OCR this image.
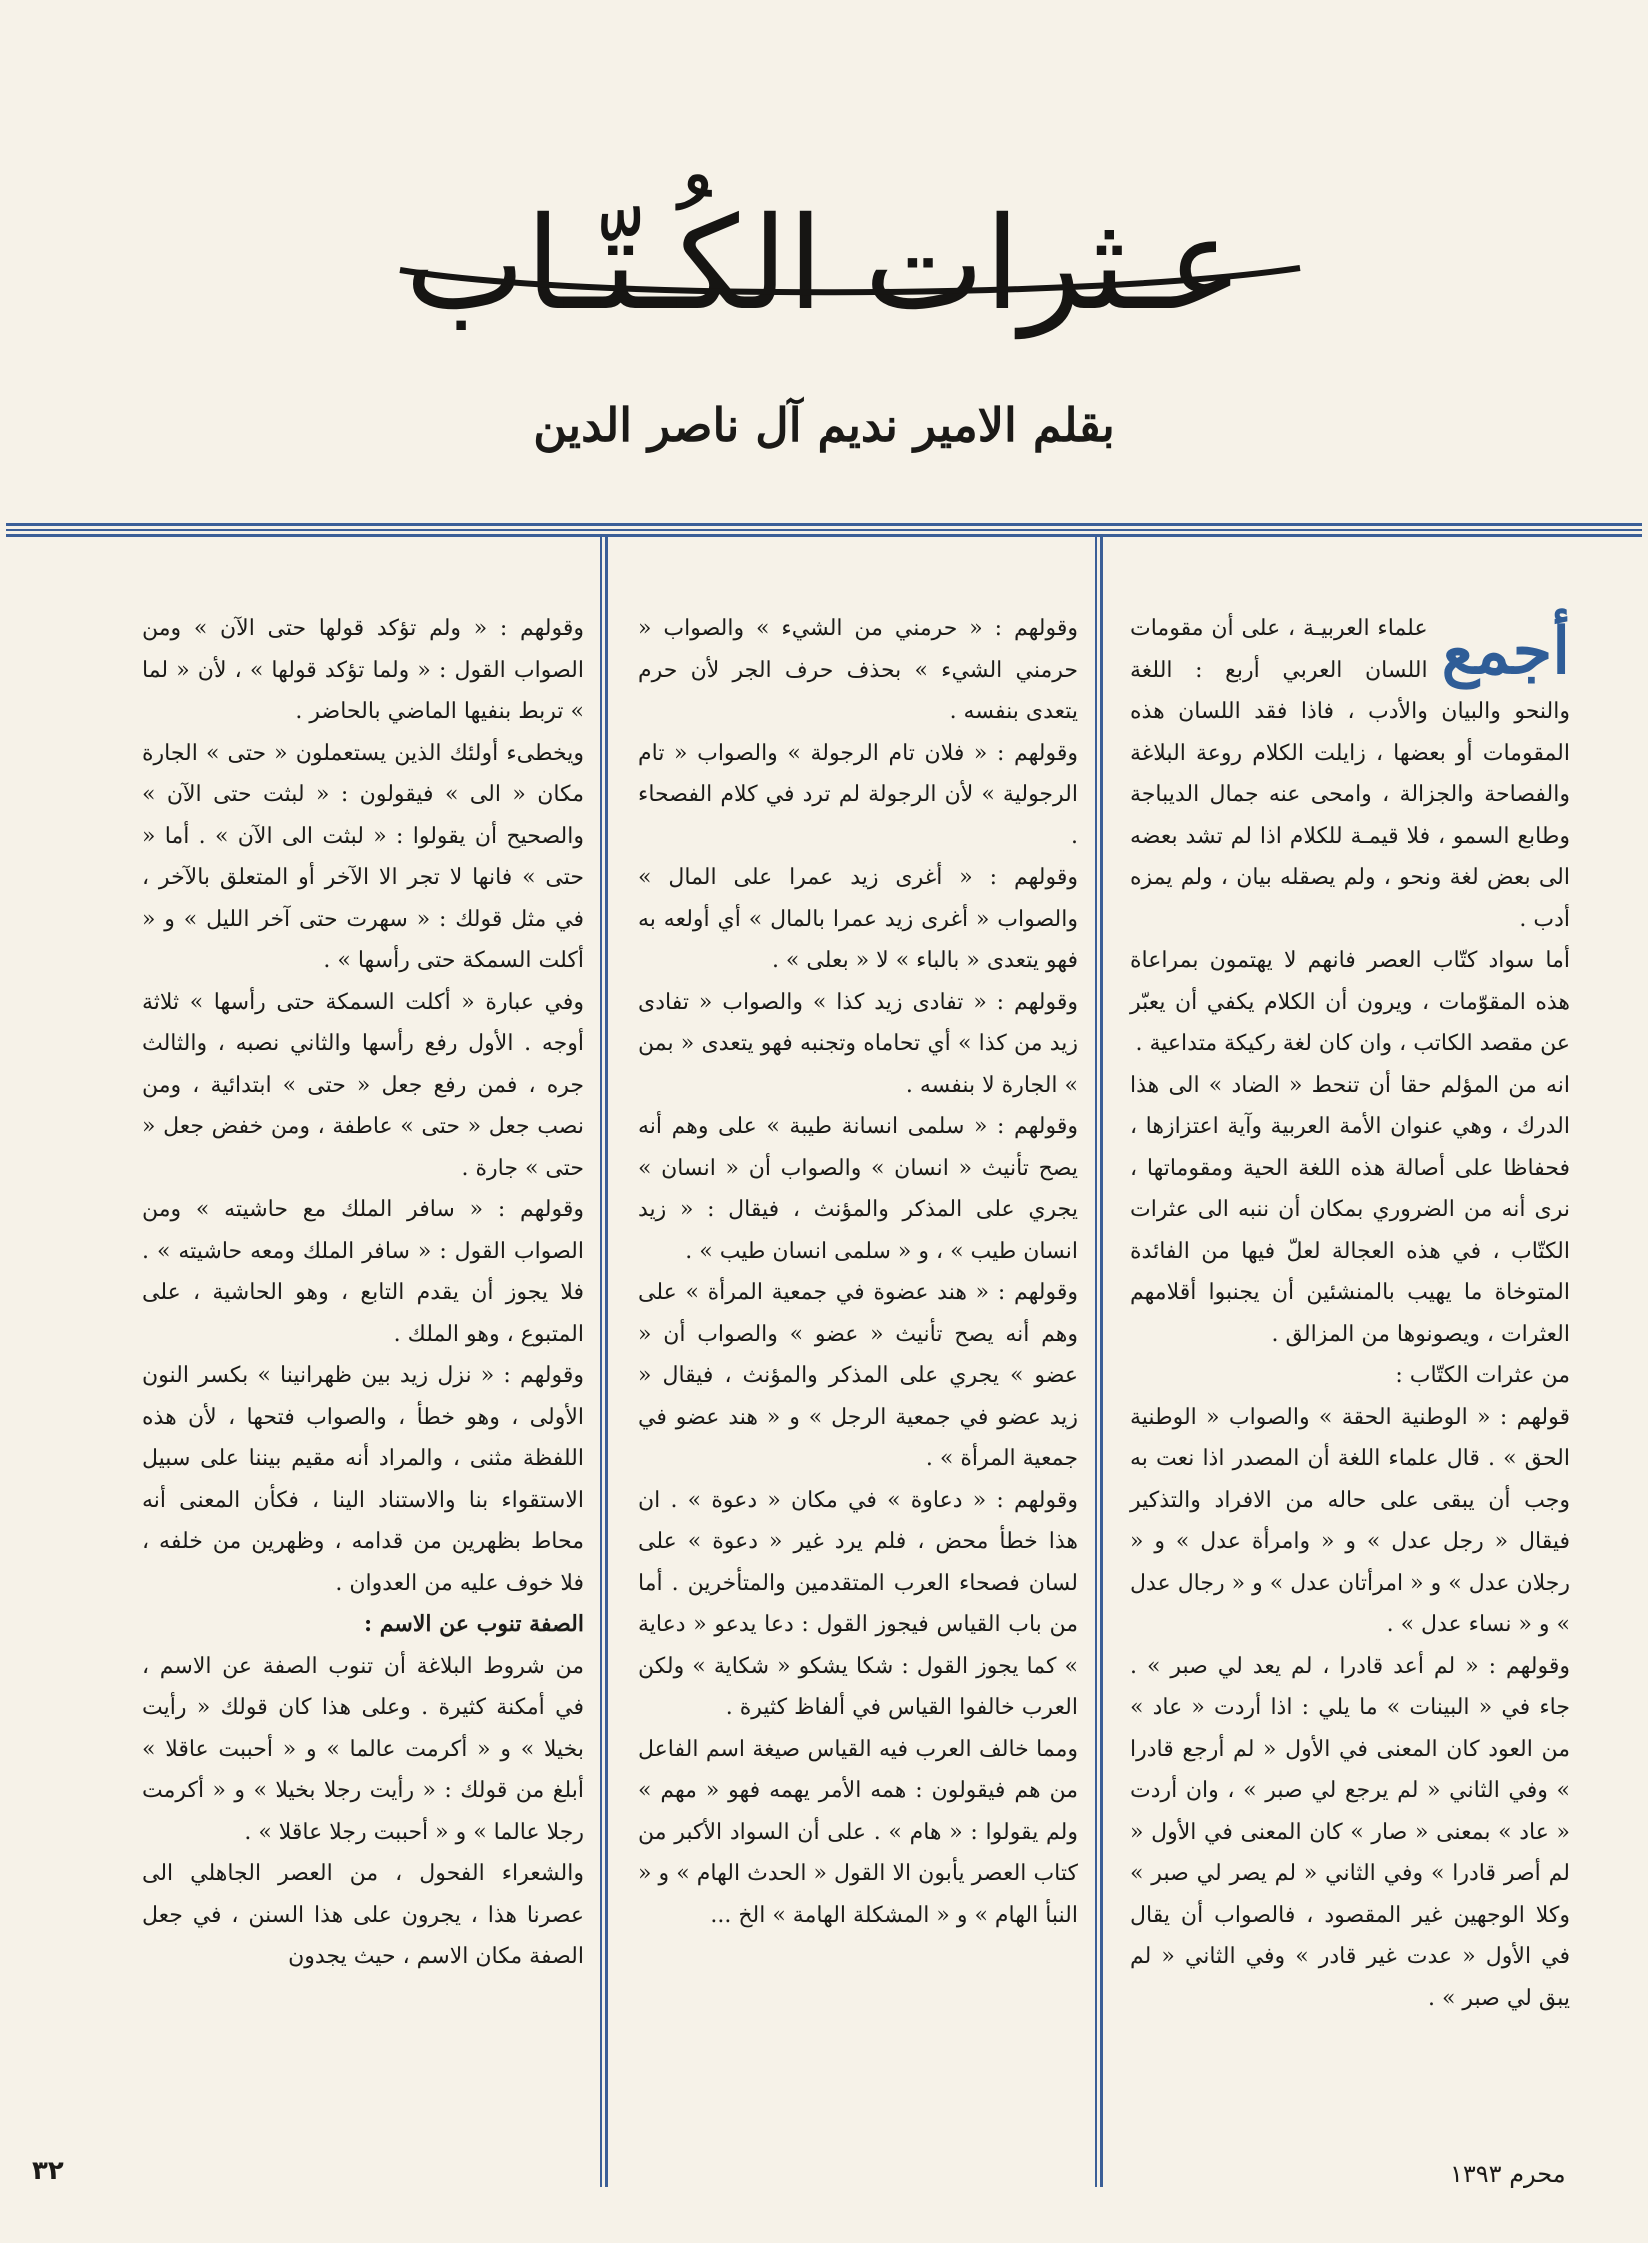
عـثرات الكُـتّـاب
بقلم الامير نديم آل ناصر الدين
أجمع

علماء العربيـة ، على أن مقومات اللسان العربي أربع : اللغة والنحو والبيان والأدب ، فاذا فقد اللسان هذه المقومات أو بعضها ، زايلت الكلام روعة البلاغة والفصاحة والجزالة ، وامحى عنه جمال الديباجة وطابع السمو ، فلا قيمـة للكلام اذا لم تشد بعضه الى بعض لغة ونحو ، ولم يصقله بيان ، ولم يمزه أدب .

أما سواد كتّاب العصر فانهم لا يهتمون بمراعاة هذه المقوّمات ، ويرون أن الكلام يكفي أن يعبّر عن مقصد الكاتب ، وان كان لغة ركيكة متداعية .

انه من المؤلم حقا أن تنحط « الضاد » الى هذا الدرك ، وهي عنوان الأمة العربية وآية اعتزازها ، فحفاظا على أصالة هذه اللغة الحية ومقوماتها ، نرى أنه من الضروري بمكان أن ننبه الى عثرات الكتّاب ، في هذه العجالة لعلّ فيها من الفائدة المتوخاة ما يهيب بالمنشئين أن يجنبوا أقلامهم العثرات ، ويصونوها من المزالق .

من عثرات الكتّاب :

قولهم : « الوطنية الحقة » والصواب « الوطنية الحق » . قال علماء اللغة أن المصدر اذا نعت به وجب أن يبقى على حاله من الافراد والتذكير فيقال « رجل عدل » و « وامرأة عدل » و « رجلان عدل » و « امرأتان عدل » و « رجال عدل » و « نساء عدل » .

وقولهم : « لم أعد قادرا ، لم يعد لي صبر » . جاء في « البينات » ما يلي : اذا أردت « عاد » من العود كان المعنى في الأول « لم أرجع قادرا » وفي الثاني « لم يرجع لي صبر » ، وان أردت « عاد » بمعنى « صار » كان المعنى في الأول « لم أصر قادرا » وفي الثاني « لم يصر لي صبر » وكلا الوجهين غير المقصود ، فالصواب أن يقال في الأول « عدت غير قادر » وفي الثاني « لم يبق لي صبر » .

وقولهم : « حرمني من الشيء » والصواب « حرمني الشيء » بحذف حرف الجر لأن حرم يتعدى بنفسه .

وقولهم : « فلان تام الرجولة » والصواب « تام الرجولية » لأن الرجولة لم ترد في كلام الفصحاء .

وقولهم : « أغرى زيد عمرا على المال » والصواب « أغرى زيد عمرا بالمال » أي أولعه به فهو يتعدى « بالباء » لا « بعلى » .

وقولهم : « تفادى زيد كذا » والصواب « تفادى زيد من كذا » أي تحاماه وتجنبه فهو يتعدى « بمن » الجارة لا بنفسه .

وقولهم : « سلمى انسانة طيبة » على وهم أنه يصح تأنيث « انسان » والصواب أن « انسان » يجري على المذكر والمؤنث ، فيقال : « زيد انسان طيب » ، و « سلمى انسان طيب » .

وقولهم : « هند عضوة في جمعية المرأة » على وهم أنه يصح تأنيث « عضو » والصواب أن « عضو » يجري على المذكر والمؤنث ، فيقال « زيد عضو في جمعية الرجل » و « هند عضو في جمعية المرأة » .

وقولهم : « دعاوة » في مكان « دعوة » . ان هذا خطأ محض ، فلم يرد غير « دعوة » على لسان فصحاء العرب المتقدمين والمتأخرين . أما من باب القياس فيجوز القول : دعا يدعو « دعاية » كما يجوز القول : شكا يشكو « شكاية » ولكن العرب خالفوا القياس في ألفاظ كثيرة .

ومما خالف العرب فيه القياس صيغة اسم الفاعل من هم فيقولون : همه الأمر يهمه فهو « مهم » ولم يقولوا : « هام » . على أن السواد الأكبر من كتاب العصر يأبون الا القول « الحدث الهام » و « النبأ الهام » و « المشكلة الهامة » الخ ...

وقولهم : « ولم تؤكد قولها حتى الآن » ومن الصواب القول : « ولما تؤكد قولها » ، لأن « لما » تربط بنفيها الماضي بالحاضر .

ويخطىء أولئك الذين يستعملون « حتى » الجارة مكان « الى » فيقولون : « لبثت حتى الآن » والصحيح أن يقولوا : « لبثت الى الآن » . أما « حتى » فانها لا تجر الا الآخر أو المتعلق بالآخر ، في مثل قولك : « سهرت حتى آخر الليل » و « أكلت السمكة حتى رأسها » .

وفي عبارة « أكلت السمكة حتى رأسها » ثلاثة أوجه . الأول رفع رأسها والثاني نصبه ، والثالث جره ، فمن رفع جعل « حتى » ابتدائية ، ومن نصب جعل « حتى » عاطفة ، ومن خفض جعل « حتى » جارة .

وقولهم : « سافر الملك مع حاشيته » ومن الصواب القول : « سافر الملك ومعه حاشيته » . فلا يجوز أن يقدم التابع ، وهو الحاشية ، على المتبوع ، وهو الملك .

وقولهم : « نزل زيد بين ظهرانينا » بكسر النون الأولى ، وهو خطأ ، والصواب فتحها ، لأن هذه اللفظة مثنى ، والمراد أنه مقيم بيننا على سبيل الاستقواء بنا والاستناد الينا ، فكأن المعنى أنه محاط بظهرين من قدامه ، وظهرين من خلفه ، فلا خوف عليه من العدوان .

الصفة تنوب عن الاسم :

من شروط البلاغة أن تنوب الصفة عن الاسم ، في أمكنة كثيرة . وعلى هذا كان قولك « رأيت بخيلا » و « أكرمت عالما » و « أحببت عاقلا » أبلغ من قولك : « رأيت رجلا بخيلا » و « أكرمت رجلا عالما » و « أحببت رجلا عاقلا » .

والشعراء الفحول ، من العصر الجاهلي الى عصرنا هذا ، يجرون على هذا السنن ، في جعل الصفة مكان الاسم ، حيث يجدون

٣٢	محرم ١٣٩٣
